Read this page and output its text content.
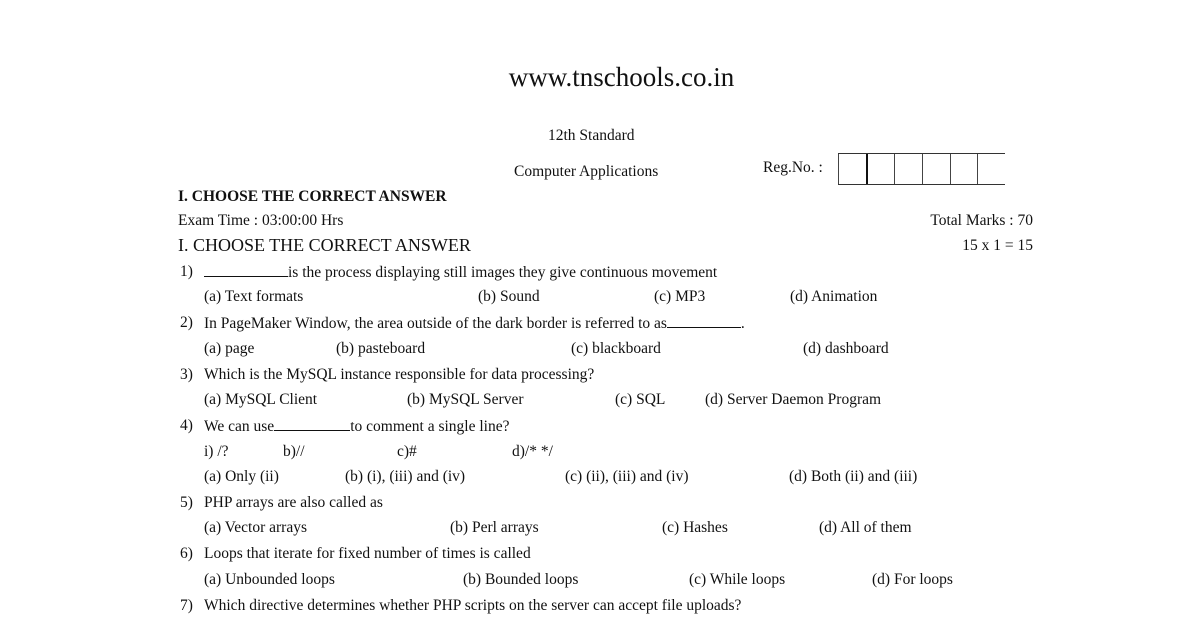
www.tnschools.co.in
12th Standard
Computer Applications	Reg.No. :
I. CHOOSE THE CORRECT ANSWER
Exam Time : 03:00:00 Hrs	Total Marks : 70
I. CHOOSE THE CORRECT ANSWER	15 x 1 = 15
1)	is the process displaying still images they give continuous movement
(a) Text formats	(b) Sound	(c) MP3	(d) Animation
2) In PageMaker Window, the area outside of the dark border is referred to as	.
(a) page	(b) pasteboard	(c) blackboard	(d) dashboard
3) Which is the MySQL instance responsible for data processing?
(a) MySQL Client	(b) MySQL Server	(c) SQL	(d) Server Daemon Program
4) We can use	to comment a single line?
i) /?	b)//	c)#	d)/* */
(a) Only (ii)	(b) (i), (iii) and (iv)	(c) (ii), (iii) and (iv)	(d) Both (ii) and (iii)
5) PHP arrays are also called as
(a) Vector arrays	(b) Perl arrays	(c) Hashes	(d) All of them
6) Loops that iterate for fixed number of times is called
(a) Unbounded loops	(b) Bounded loops	(c) While loops	(d) For loops
7) Which directive determines whether PHP scripts on the server can accept file uploads?
